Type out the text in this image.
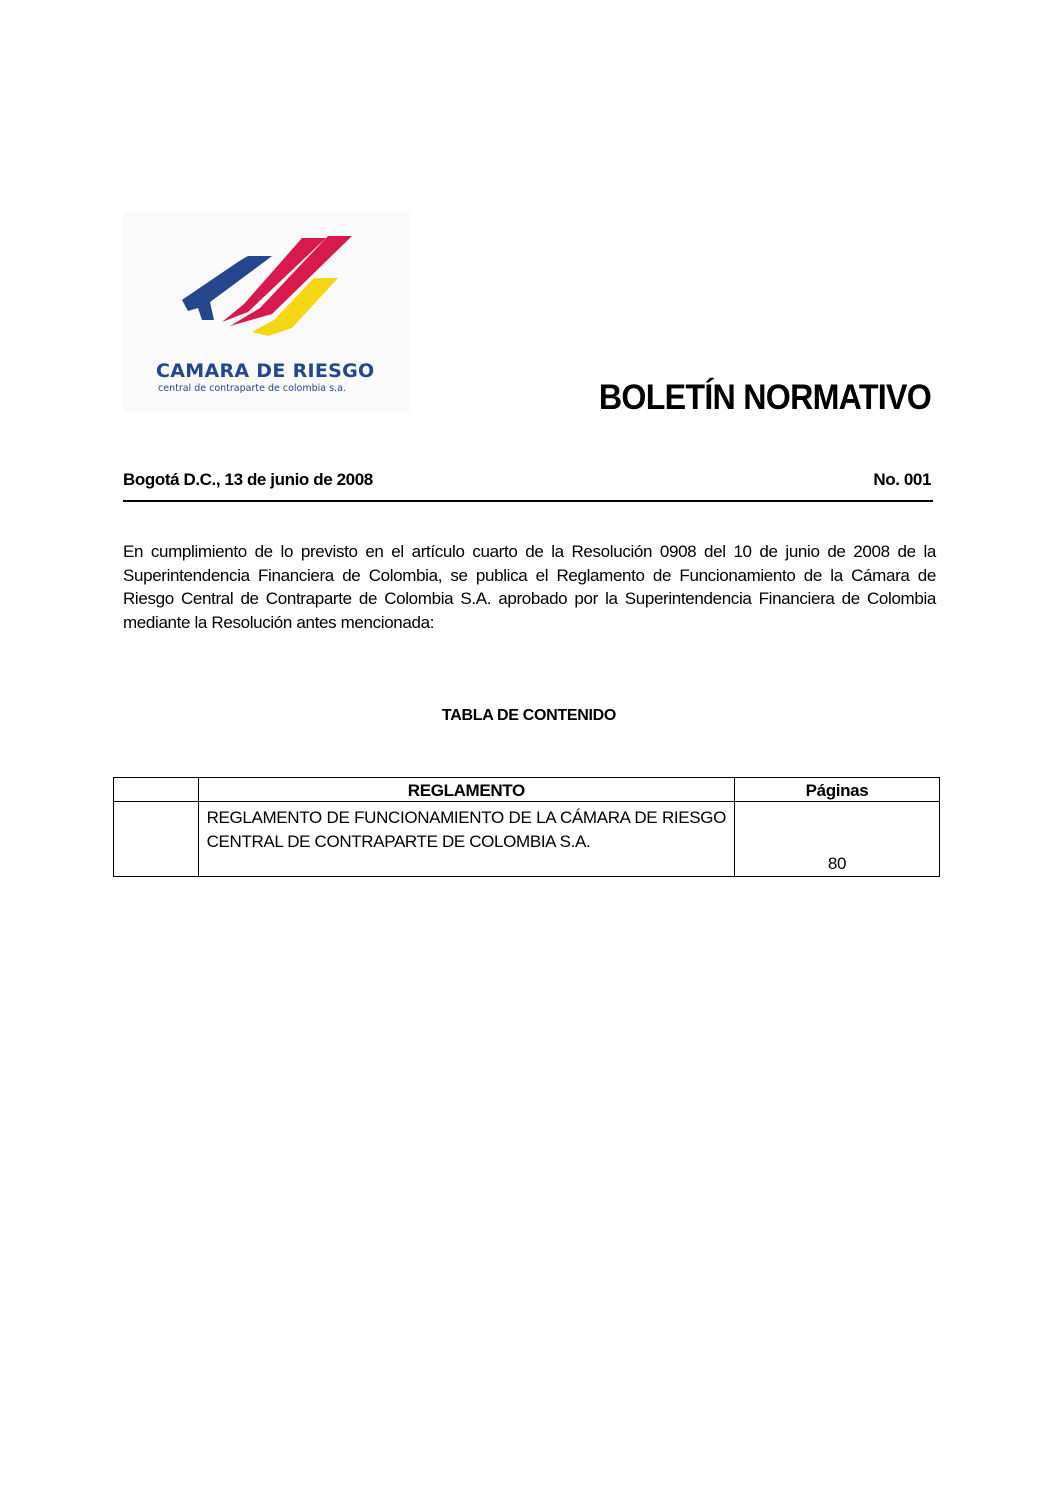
CAMARA DE RIESGO
central de contraparte de colombia s.a.	BOLETÍN NORMATIVO
Bogotá D.C., 13 de junio de 2008	No. 001

En cumplimiento de lo previsto en el artículo cuarto de la Resolución 0908 del 10 de junio de 2008 de la Superintendencia Financiera de Colombia, se publica el Reglamento de Funcionamiento de la Cámara de Riesgo Central de Contraparte de Colombia S.A. aprobado por la Superintendencia Financiera de Colombia mediante la Resolución antes mencionada:

TABLA DE CONTENIDO
	REGLAMENTO	Páginas
	REGLAMENTO DE FUNCIONAMIENTO DE LA CÁMARA DE RIESGO CENTRAL DE CONTRAPARTE DE COLOMBIA S.A.	80
